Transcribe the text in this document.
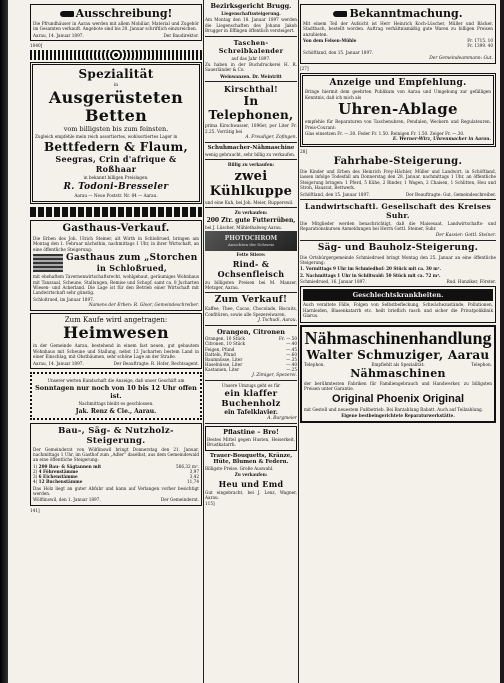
Ausschreibung!
Die Pfrundhäuser in Aarau werden mit allem Mobiliar, Material und Zugehör im Gesamten verkauft. Angebote sind bis 20. Januar schriftlich einzureichen.
Aarau, 14. Januar 1897.	Der Baudirektor.
1040]
Spezialität
in
Ausgerüsteten Betten
vom billigsten bis zum feinsten.
Zugleich empfehle mein reich assortiertes, wohlsortiertes Lager in
Bettfedern & Flaum,
Seegras, Crin d'afrique & Roßhaar
in bekannt billigen Preislagen.
R. Todoni-Bresseler
Aarau — Neue Poststr. Nr. 84 — Aarau.
Gasthaus-Verkauf.
Die Erben des Joh. Ulrich Steiner, alt Wirth in Schloßrued, bringen am Montag den 1. Februar nächsthin, nachmittags 1 Uhr, in ihrer Wirtschaft, an eine öffentliche Steigerung:
Gasthaus zum „Storchen
in Schloßrued,
mit ehehaftem Tavernenwirtschaftsrecht, wohlgebaut, geräumiges Wohnhaus mit Tanzsaal, Scheune, Stallungen, Remise und Schopf, samt ca. 8 Jucharten Wiesen- und Ackerland. Die Lage ist für den Betrieb einer Wirtschaft mit Landwirtschaft sehr günstig.
Schloßrued, im Januar 1897.
Namens der Erben: R. Gloor, Gemeindeschreiber.
Zum Kaufe wird angetragen:
Heimwesen
in der Gemeinde Aarau, bestehend in einem fast neuen, gut gebautem Wohnhaus mit Scheune und Stallung, nebst 12 Jucharten bestem Land in einer Einschlag, mit Obstbäumen, sehr schöne Lage an der Straße.
Aarau, 14. Januar 1897.	Der Beauftragte: R. Hofer, Rechtsagent.
Unserer werten Kundschaft die Anzeige, daß unser Geschäft am
Sonntagen nur noch von 10 bis 12 Uhr offen ist.
Nachmittags bleibt es geschlossen.
Jak. Renz & Cie., Aarau.
Bau-, Säg- & Nutzholz-Steigerung.
Der Gemeinderat von Wölflinswil bringt Donnerstag den 21. Januar, nachmittags 1 Uhr, im Gasthof zum „Adler“ daselbst, aus dem Gemeindewald an eine öffentliche Steigerung:
1) 200 Bau- & Sägtannen mit	566,32 m³.
2) 4 Föhrenstämme	3,97
3) 6 Eichenstämme	3,42
4) 12 Buchenstämme	11,74
Das Holz liegt an guter Abfuhr und kann auf Verlangen vorher besichtigt werden.
Wölflinswil, den 1. Januar 1897.	Der Gemeinderat.
141]
Bezirksgericht Brugg.
Liegenschaftssteigerung.
Am Montag den 18. Januar 1897 werden die Liegenschaften des Johann Jakob Brugger in Effingen öffentlich versteigert.
Taschen-Schreibkalender
auf das Jahr 1897.
Zu haben in der Buchdruckerei H. R. Sauerländer & Co.
Weinwanzen. Dr. Weintritt
Kirschthal!
In Telephonen,
prima Kirschwasser, 1896er, per Liter Fr. 2.25. Vorrätig bei
A. Freudiger, Zofingen.
Schuhmacher-Nähmaschine
wenig gebraucht, sehr billig zu verkaufen.
Billig zu verkaufen:
zwei Kühlkuppe
und eine Kuh, bei Joh. Meier, Rupperswil.
Zu verkaufen:
200 Ztr. gute Futterrüben,
bei J. Lüscher, Mühlethalweg Aarau.
PHOTOCHROM
Ansichten der Schweiz
Fette Stiere:
Rind- & Ochsenfleisch
zu billigsten Preisen bei M. Manzer, Metzger, Aarau.
Zum Verkauf!
Kaffee, Thee, Cacao, Chocolade, Biscuits, Confitüren, sowie alle Spezereiwaren.
J. Tschudi, Aarau.
Orangen, Citronen
Orangen, 10 Stück	Fr. —.50
Citronen, 10 Stück	—.40
Feigen, Pfund	—.45
Datteln, Pfund	—.60
Baumnüsse, Liter	—.35
Haselnüsse, Liter	—.40
Kastanien, Liter	—.25
J. Zimiger, Spezerei.
Unsere Umzugs geht es für
ein klaffer Buchenholz
ein Tafelklavier.
A. Burgmeier
Pflastine – Bro!
Bestes Mittel gegen Husten, Heiserkeit, Brustkatarrh.
Trauer-Bouquetts, Kränze,
Hüte, Blumen & Federn.
Billigste Preise. Große Auswahl.
Zu verkaufen:
Heu und Emd
Gut eingebracht, bei J. Lenz, Wagner, Aarau.
115]
Bekanntmachung.
Mit einem Teil der Aufsicht ist Herr Heinrich Koch-Lüscher, Müller und Bäcker, Stadtbach, bestellt worden. Auftrag verhältnismäßig gute Waren zu billigen Preisen anzubieten.
Von dem Felsen-Mühle	Fr. 1715. 10
Fr. 1399. 40
Schöftland, den 15. Januar 1897.
Der Gemeindeammann: Gut.
[27]
Anzeige und Empfehlung.
Bringe hiermit dem geehrten Publikum von Aarau und Umgebung zur gefälligen Kenntnis, daß ich mich als
Uhren-Ablage
empfehle für Reparaturen von Taschenuhren, Pendulen, Weckern und Regulateuren. Preis-Courant:
Glas einsetzen Fr. —.30. Feder Fr. 1.50. Reinigen Fr. 1.50. Zeiger Fr. —.30.
E. Werner-Wirz, Uhrenmacher in Aarau.
28]
Fahrhabe-Steigerung.
Die Kinder und Erben des Heinrich Frey-Hächler, Müller und Landwirt, in Schöftland, lassen infolge Todesfall am Donnerstag den 28. Januar, nachmittags 1 Uhr, an öffentliche Steigerung bringen: 1 Pferd, 5 Kühe, 2 Rinder, 1 Wagen, 2 Chaisen, 1 Schlitten, Heu und Stroh, Hausrat, Bettwerk.
Schöftland, den 15. Januar 1897.	Der Beauftragte: Gut, Gemeindeschreiber.
Landwirtschaftl. Gesellschaft des Kreises Suhr.
Die Mitglieder werden benachrichtigt, daß die Maisesaat, Landwirtschafts- und Reparationskursen Anmeldungen bei Herrn Gottl. Steiner, Suhr.
Der Kassier: Gottl. Steiner.
Säg- und Bauholz-Steigerung.
Die Ortsbürgergemeinde Schmiedrued bringt Montag den 25. Januar an eine öffentliche Steigerung:
1. Vormittags 9 Uhr im Schmiedhof: 20 Stück mit ca. 30 m³.
2. Nachmittags 1 Uhr in Schiltwald: 50 Stück mit ca. 72 m³.
Schmiedrued, 16. Januar 1897.	Rud. Hunziker, Förster.
Geschlechtskrankheiten.
Auch veraltete Fälle, Folgen von Selbstbefleckung, Schwächezustände, Pollutionen, Harnleiden, Blasenkatarrh etc. heilt brieflich rasch und sicher die Privatpoliklinik Glarus.
Nähmaschinenhandlung
Walter Schmuziger, Aarau
Telephon.	Empfiehlt als Spezialität:	Telephon.
Nähmaschinen
der berühmtesten Fabriken für Familiengebrauch und Handwerker, zu billigsten Preisen unter Garantie.
Original Phoenix Original
mit Gestell und neuestem Fußbetrieb. Bei Barzahlung Rabatt. Auch auf Teilzahlung.
Eigene bestbeingerichtete Reparaturwerkstätte.
